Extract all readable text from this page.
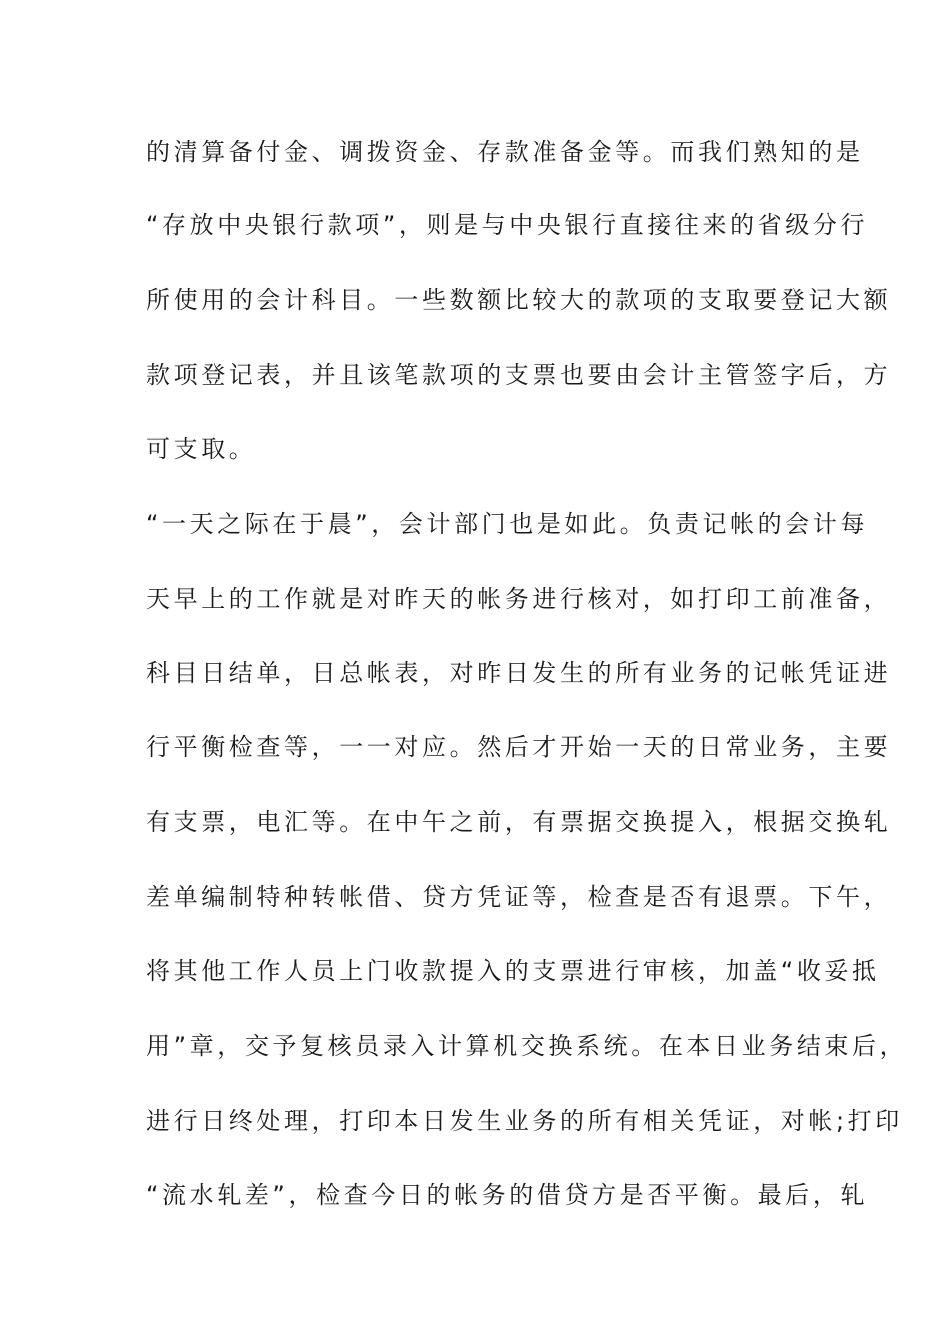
的清算备付金、调拨资金、存款准备金等。而我们熟知的是
“存放中央银行款项”，则是与中央银行直接往来的省级分行
所使用的会计科目。一些数额比较大的款项的支取要登记大额
款项登记表，并且该笔款项的支票也要由会计主管签字后，方
可支取。
“一天之际在于晨”，会计部门也是如此。负责记帐的会计每
天早上的工作就是对昨天的帐务进行核对，如打印工前准备，
科目日结单，日总帐表，对昨日发生的所有业务的记帐凭证进
行平衡检查等，一一对应。然后才开始一天的日常业务，主要
有支票，电汇等。在中午之前，有票据交换提入，根据交换轧
差单编制特种转帐借、贷方凭证等，检查是否有退票。下午，
将其他工作人员上门收款提入的支票进行审核，加盖“收妥抵
用”章，交予复核员录入计算机交换系统。在本日业务结束后，
进行日终处理，打印本日发生业务的所有相关凭证，对帐;打印
“流水轧差”，检查今日的帐务的借贷方是否平衡。最后，轧
